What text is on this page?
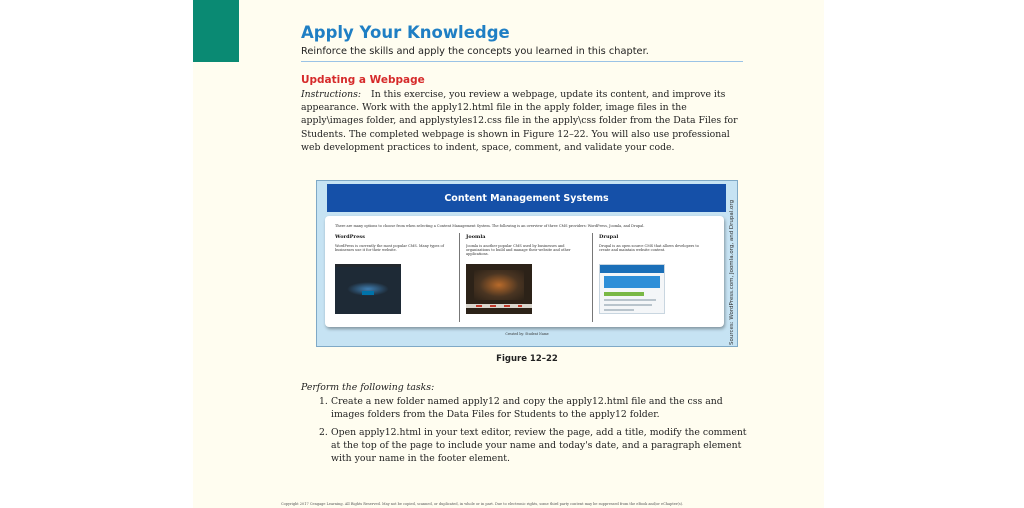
Apply Your Knowledge
Reinforce the skills and apply the concepts you learned in this chapter.
Updating a Webpage

Instructions: In this exercise, you review a webpage, update its content, and improve its appearance. Work with the apply12.html file in the apply folder, image files in the apply\images folder, and applystyles12.css file in the apply\css folder from the Data Files for Students. The completed webpage is shown in Figure 12–22. You will also use professional web development practices to indent, space, comment, and validate your code.

Content Management Systems
There are many options to choose from when selecting a Content Management System. The following is an overview of three CMS providers: WordPress, Joomla, and Drupal.
WordPress
WordPress is currently the most popular CMS. Many types of businesses use it for their website.
Joomla
Joomla is another popular CMS used by businesses and organizations to build and manage their website and other applications.
Drupal
Drupal is an open source CMS that allows developers to create and maintain website content.
Created by: Student Name	Sources: WordPress.com, Joomla.org, and Drupal.org
Figure 12–22
Perform the following tasks:
1. Create a new folder named apply12 and copy the apply12.html file and the css and images folders from the Data Files for Students to the apply12 folder.
2. Open apply12.html in your text editor, review the page, add a title, modify the comment at the top of the page to include your name and today's date, and a paragraph element with your name in the footer element.
Copyright 2017 Cengage Learning. All Rights Reserved. May not be copied, scanned, or duplicated, in whole or in part. Due to electronic rights, some third party content may be suppressed from the eBook and/or eChapter(s).
